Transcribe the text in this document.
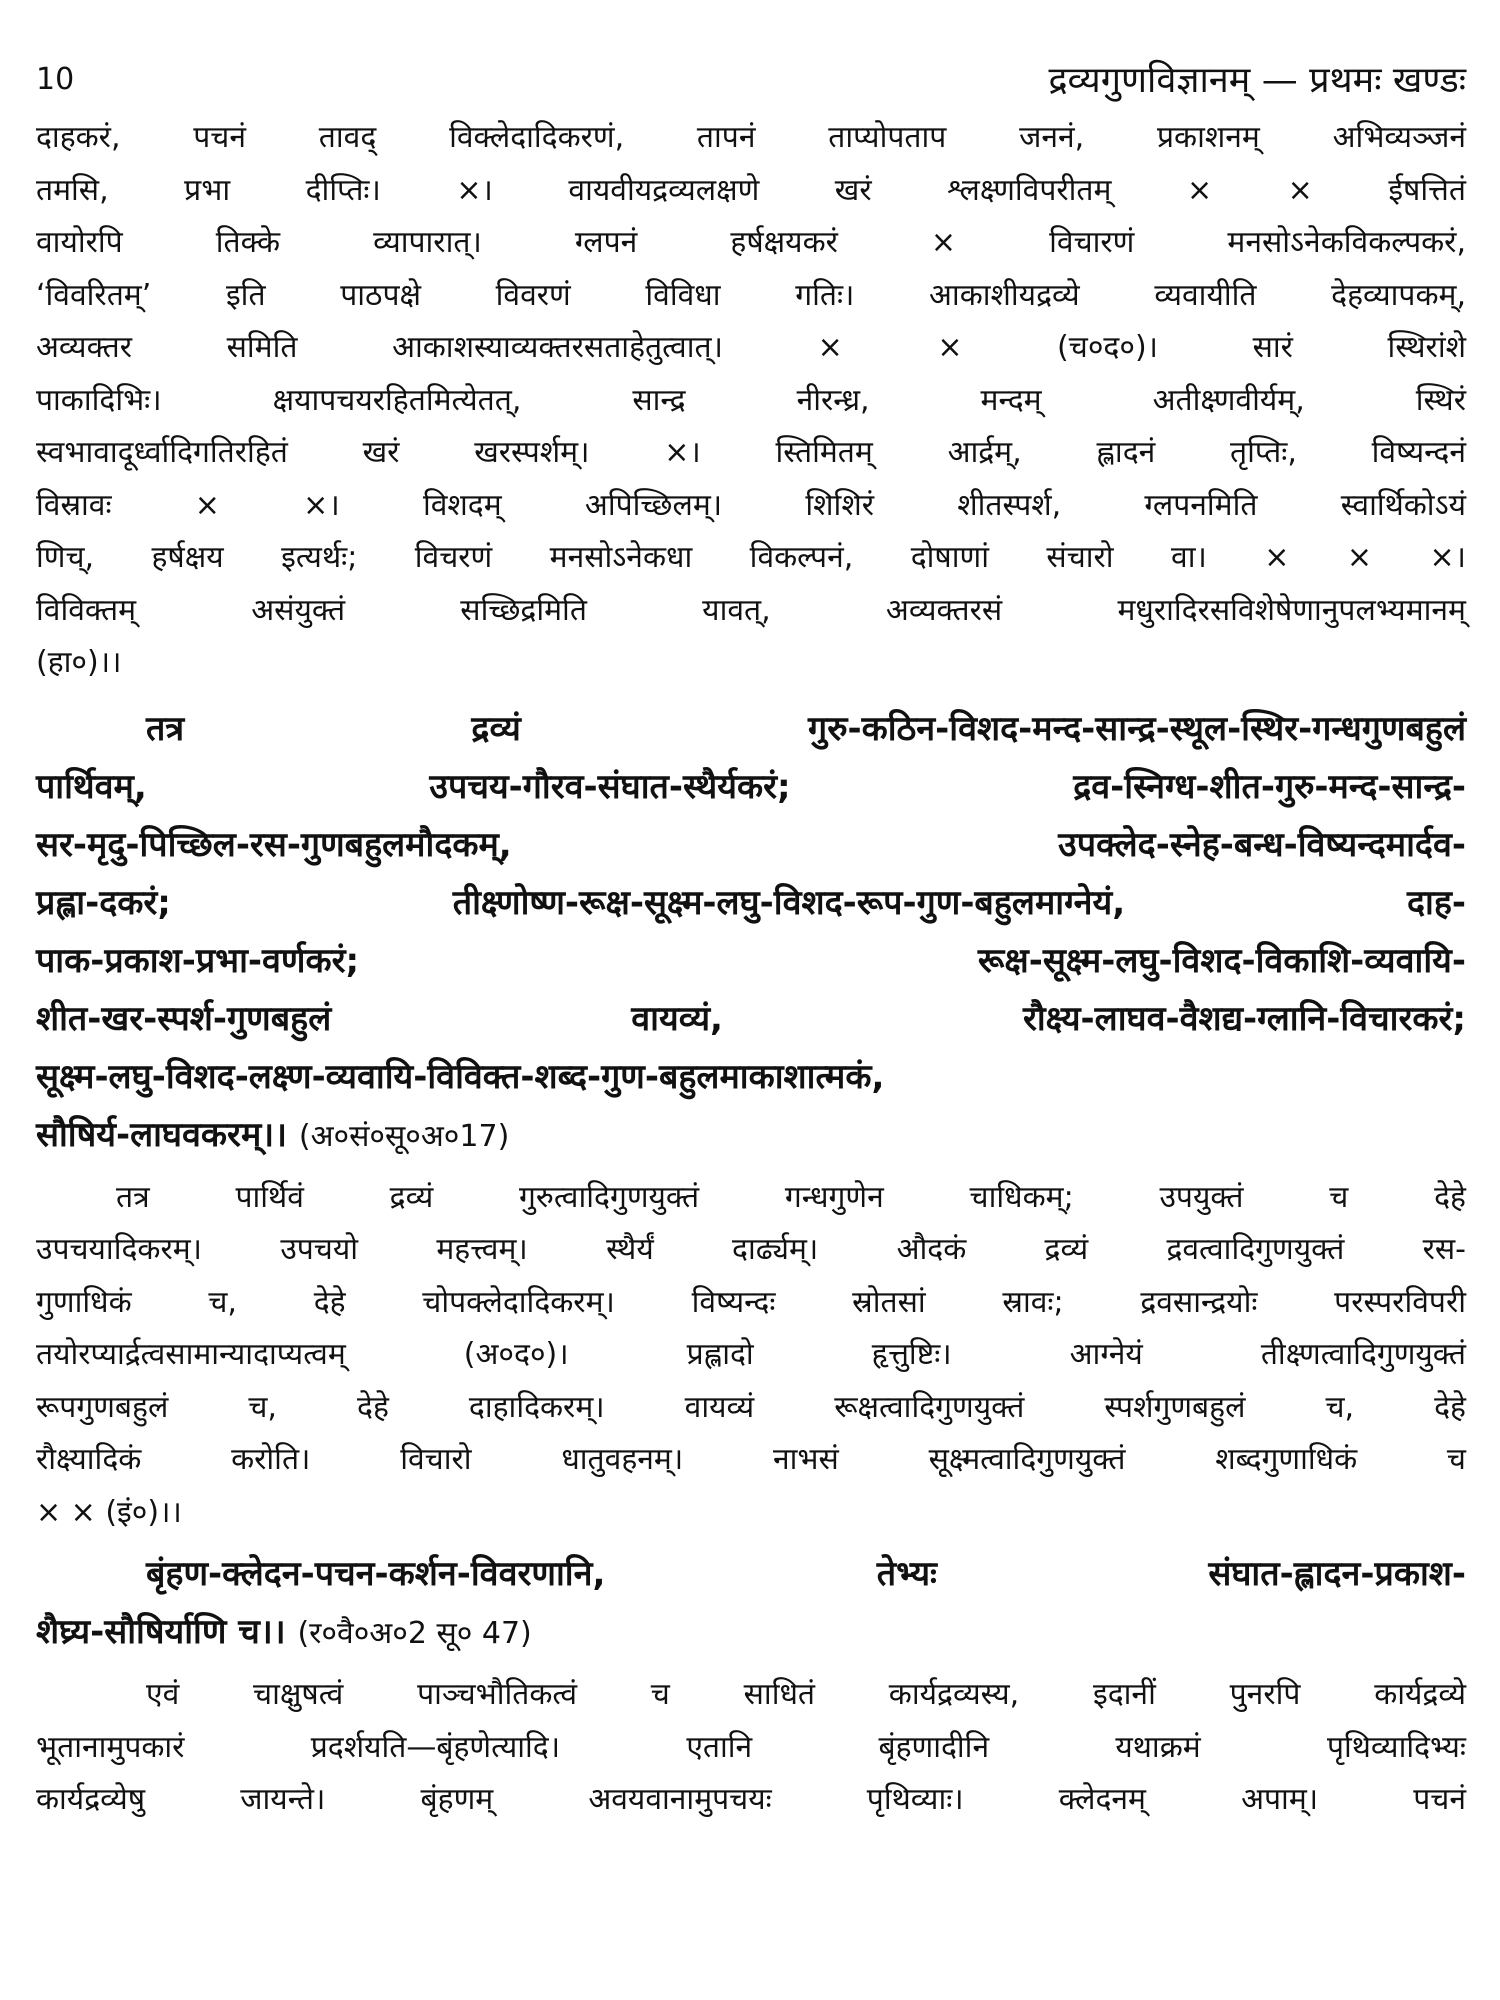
10	द्रव्यगुणविज्ञानम् — प्रथमः खण्डः
दाहकरं, पचनं तावद् विक्लेदादिकरणं, तापनं ताप्योपताप जननं, प्रकाशनम् अभिव्यञ्जनं
तमसि, प्रभा दीप्तिः। ×। वायवीयद्रव्यलक्षणे खरं श्लक्ष्णविपरीतम् × × ईषत्तितं
वायोरपि तिक्के व्यापारात्। ग्लपनं हर्षक्षयकरं × विचारणं मनसोऽनेकविकल्पकरं,
‘विवरितम्’ इति पाठपक्षे विवरणं विविधा गतिः। आकाशीयद्रव्ये व्यवायीति देहव्यापकम्,
अव्यक्तर समिति आकाशस्याव्यक्तरसताहेतुत्वात्। × × (च०द०)। सारं स्थिरांशे
पाकादिभिः। क्षयापचयरहितमित्येतत्, सान्द्र नीरन्ध्र, मन्दम् अतीक्ष्णवीर्यम्, स्थिरं
स्वभावादूर्ध्वादिगतिरहितं खरं खरस्पर्शम्। ×। स्तिमितम् आर्द्रम्, ह्लादनं तृप्तिः, विष्यन्दनं
विस्रावः × ×। विशदम् अपिच्छिलम्। शिशिरं शीतस्पर्श, ग्लपनमिति स्वार्थिकोऽयं
णिच्, हर्षक्षय इत्यर्थः; विचरणं मनसोऽनेकधा विकल्पनं, दोषाणां संचारो वा। × × ×।
विविक्तम् असंयुक्तं सच्छिद्रमिति यावत्, अव्यक्तरसं मधुरादिरसविशेषेणानुपलभ्यमानम्
(हा०)।।
तत्र द्रव्यं गुरु-कठिन-विशद-मन्द-सान्द्र-स्थूल-स्थिर-गन्धगुणबहुलं
पार्थिवम्, उपचय-गौरव-संघात-स्थैर्यकरं; द्रव-स्निग्ध-शीत-गुरु-मन्द-सान्द्र-
सर-मृदु-पिच्छिल-रस-गुणबहुलमौदकम्, उपक्लेद-स्नेह-बन्ध-विष्यन्दमार्दव-
प्रह्ला-दकरं; तीक्ष्णोष्ण-रूक्ष-सूक्ष्म-लघु-विशद-रूप-गुण-बहुलमाग्नेयं, दाह-
पाक-प्रकाश-प्रभा-वर्णकरं; रूक्ष-सूक्ष्म-लघु-विशद-विकाशि-व्यवायि-
शीत-खर-स्पर्श-गुणबहुलं वायव्यं, रौक्ष्य-लाघव-वैशद्य-ग्लानि-विचारकरं;
सूक्ष्म-लघु-विशद-लक्ष्ण-व्यवायि-विविक्त-शब्द-गुण-बहुलमाकाशात्मकं,
सौषिर्य-लाघवकरम्।। (अ०सं०सू०अ०17)
तत्र पार्थिवं द्रव्यं गुरुत्वादिगुणयुक्तं गन्धगुणेन चाधिकम्; उपयुक्तं च देहे
उपचयादिकरम्। उपचयो महत्त्वम्। स्थैर्यं दार्ढ्यम्। औदकं द्रव्यं द्रवत्वादिगुणयुक्तं रस-
गुणाधिकं च, देहे चोपक्लेदादिकरम्। विष्यन्दः स्रोतसां स्रावः; द्रवसान्द्रयोः परस्परविपरी
तयोरप्यार्द्रत्वसामान्यादाप्यत्वम् (अ०द०)। प्रह्लादो हृत्तुष्टिः। आग्नेयं तीक्ष्णत्वादिगुणयुक्तं
रूपगुणबहुलं च, देहे दाहादिकरम्। वायव्यं रूक्षत्वादिगुणयुक्तं स्पर्शगुणबहुलं च, देहे
रौक्ष्यादिकं करोति। विचारो धातुवहनम्। नाभसं सूक्ष्मत्वादिगुणयुक्तं शब्दगुणाधिकं च
× × (इं०)।।
बृंहण-क्लेदन-पचन-कर्शन-विवरणानि, तेभ्यः संघात-ह्लादन-प्रकाश-
शैघ्र्य-सौषिर्याणि च।। (र०वै०अ०2 सू० 47)
एवं चाक्षुषत्वं पाञ्चभौतिकत्वं च साधितं कार्यद्रव्यस्य, इदानीं पुनरपि कार्यद्रव्ये
भूतानामुपकारं प्रदर्शयति—बृंहणेत्यादि। एतानि बृंहणादीनि यथाक्रमं पृथिव्यादिभ्यः
कार्यद्रव्येषु जायन्ते। बृंहणम् अवयवानामुपचयः पृथिव्याः। क्लेदनम् अपाम्। पचनं
